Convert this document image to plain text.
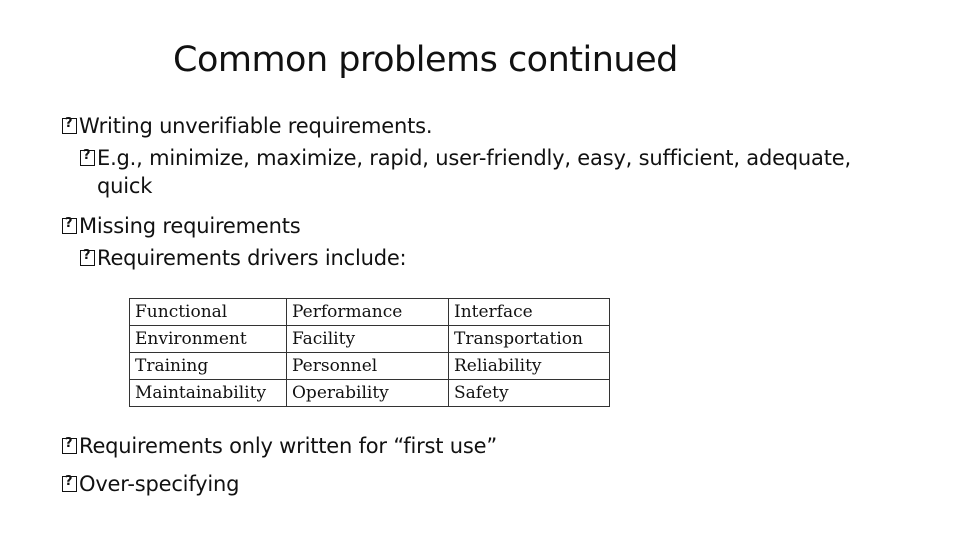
Common problems continued
?Writing unverifiable requirements.
?E.g., minimize, maximize, rapid, user-friendly, easy, sufficient, adequate,
quick
?Missing requirements
?Requirements drivers include:
Functional	Performance	Interface
Environment	Facility	Transportation
Training	Personnel	Reliability
Maintainability	Operability	Safety
?Requirements only written for “first use”
?Over-specifying
